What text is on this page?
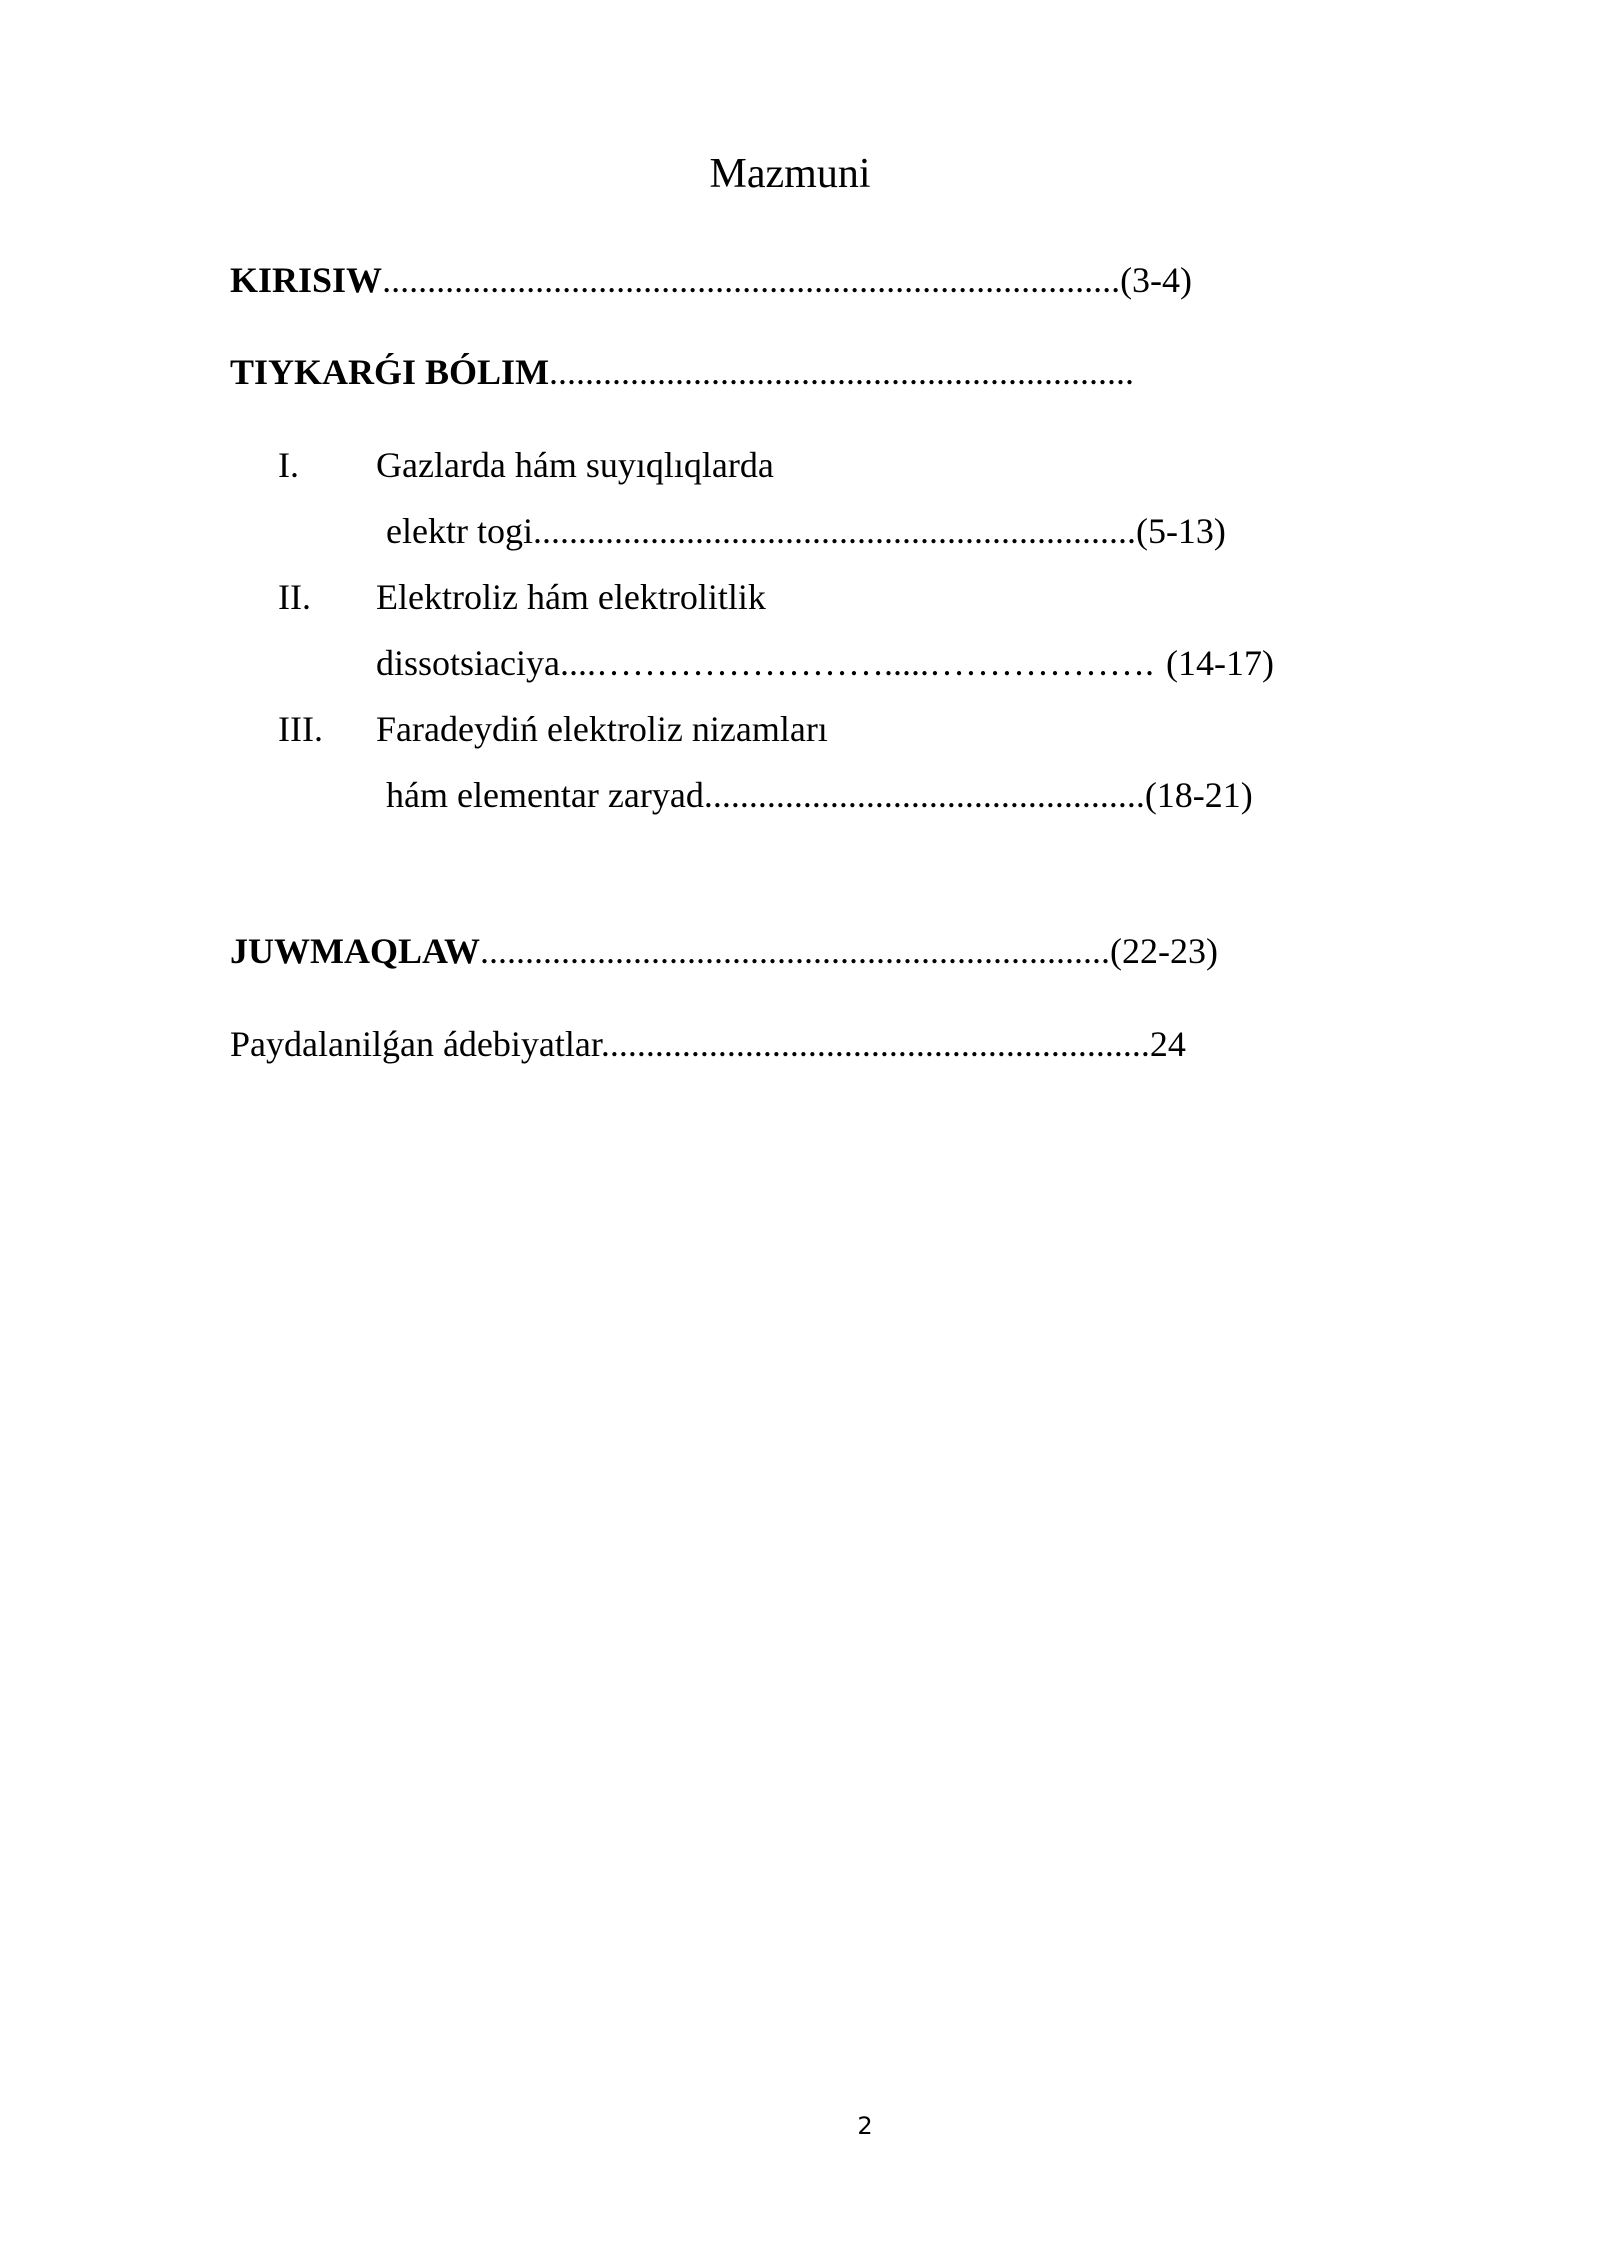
Mazmuni
KIRISIW..................................................................................(3-4)
TIYKARǴI BÓLIM.................................................................
I. Gazlarda hám suyıqlıqlarda
elektr togi...................................................................(5-13)
II. Elektroliz hám elektrolitlik
dissotsiaciya....…………………….....………………. (14-17)
III. Faradeydiń elektroliz nizamları
hám elementar zaryad.................................................(18-21)
JUWMAQLAW......................................................................(22-23)
Paydalanilǵan ádebiyatlar.............................................................24
2
